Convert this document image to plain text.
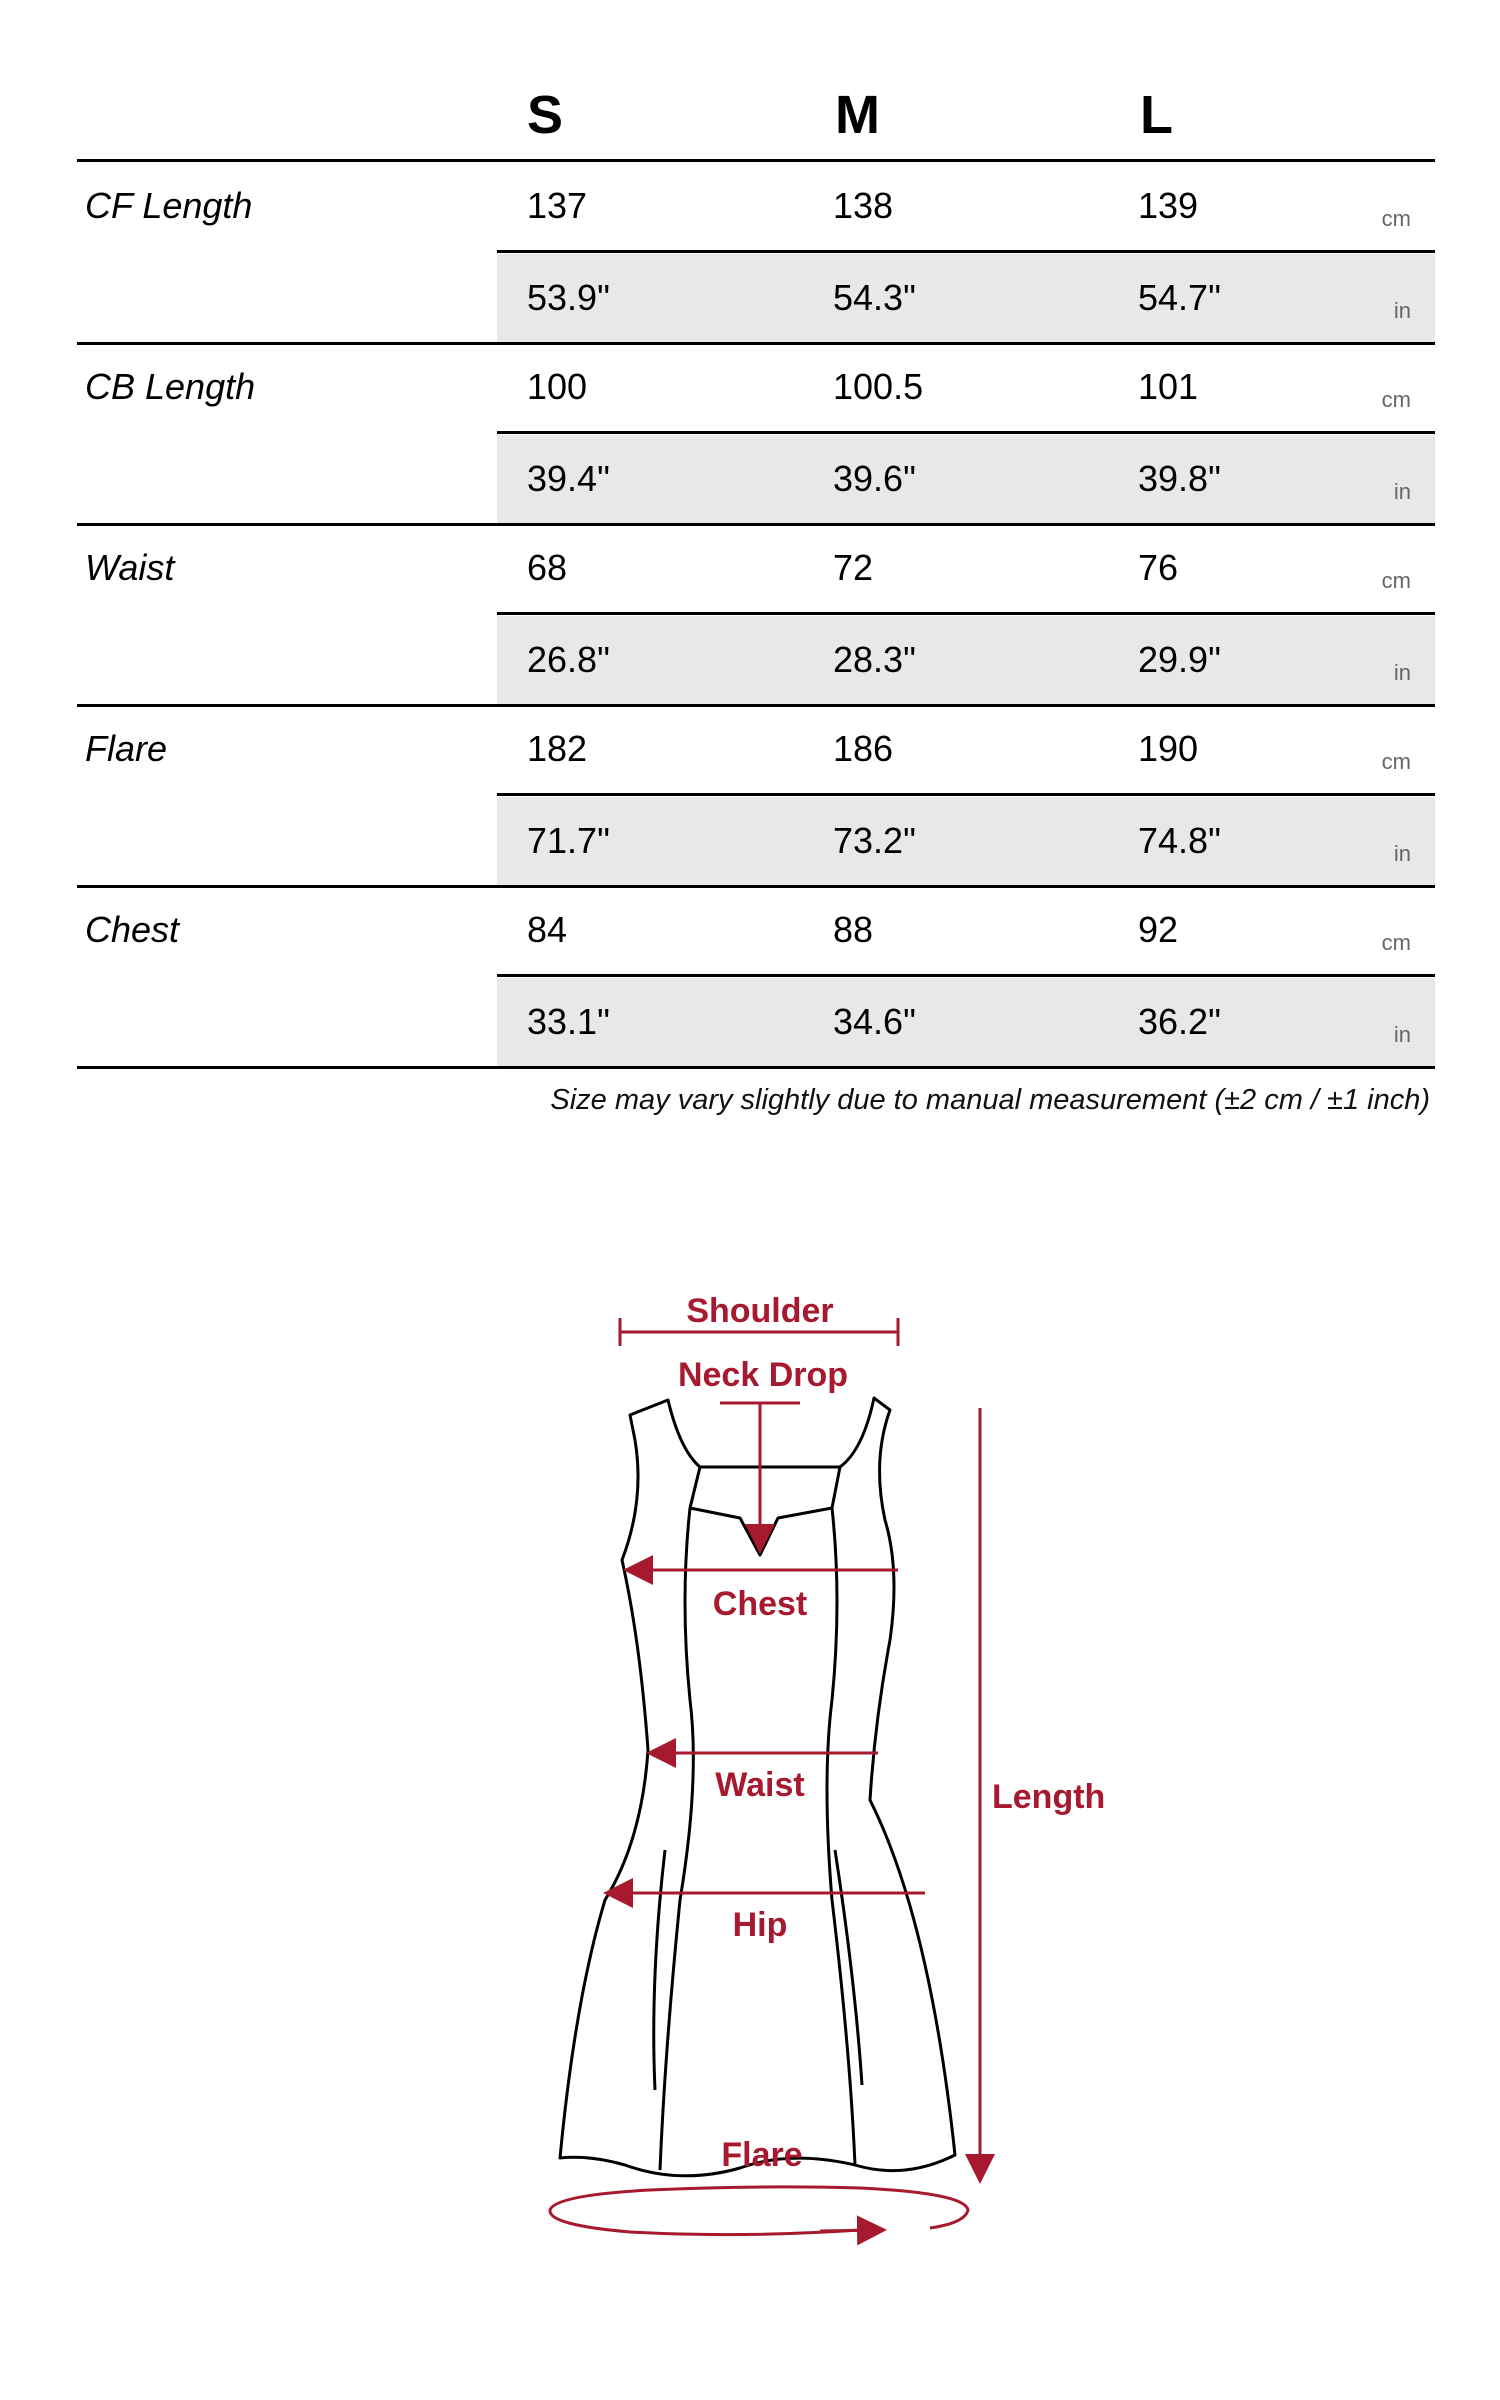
S	M	L
CF Length	137	138	139	cm
53.9"	54.3"	54.7"	in
CB Length	100	100.5	101	cm
39.4"	39.6"	39.8"	in
Waist	68	72	76	cm
26.8"	28.3"	29.9"	in
Flare	182	186	190	cm
71.7"	73.2"	74.8"	in
Chest	84	88	92	cm
33.1"	34.6"	36.2"	in
Size may vary slightly due to manual measurement (±2 cm / ±1 inch)
Shoulder
Neck Drop
Chest
Waist
Hip
Length
Flare
